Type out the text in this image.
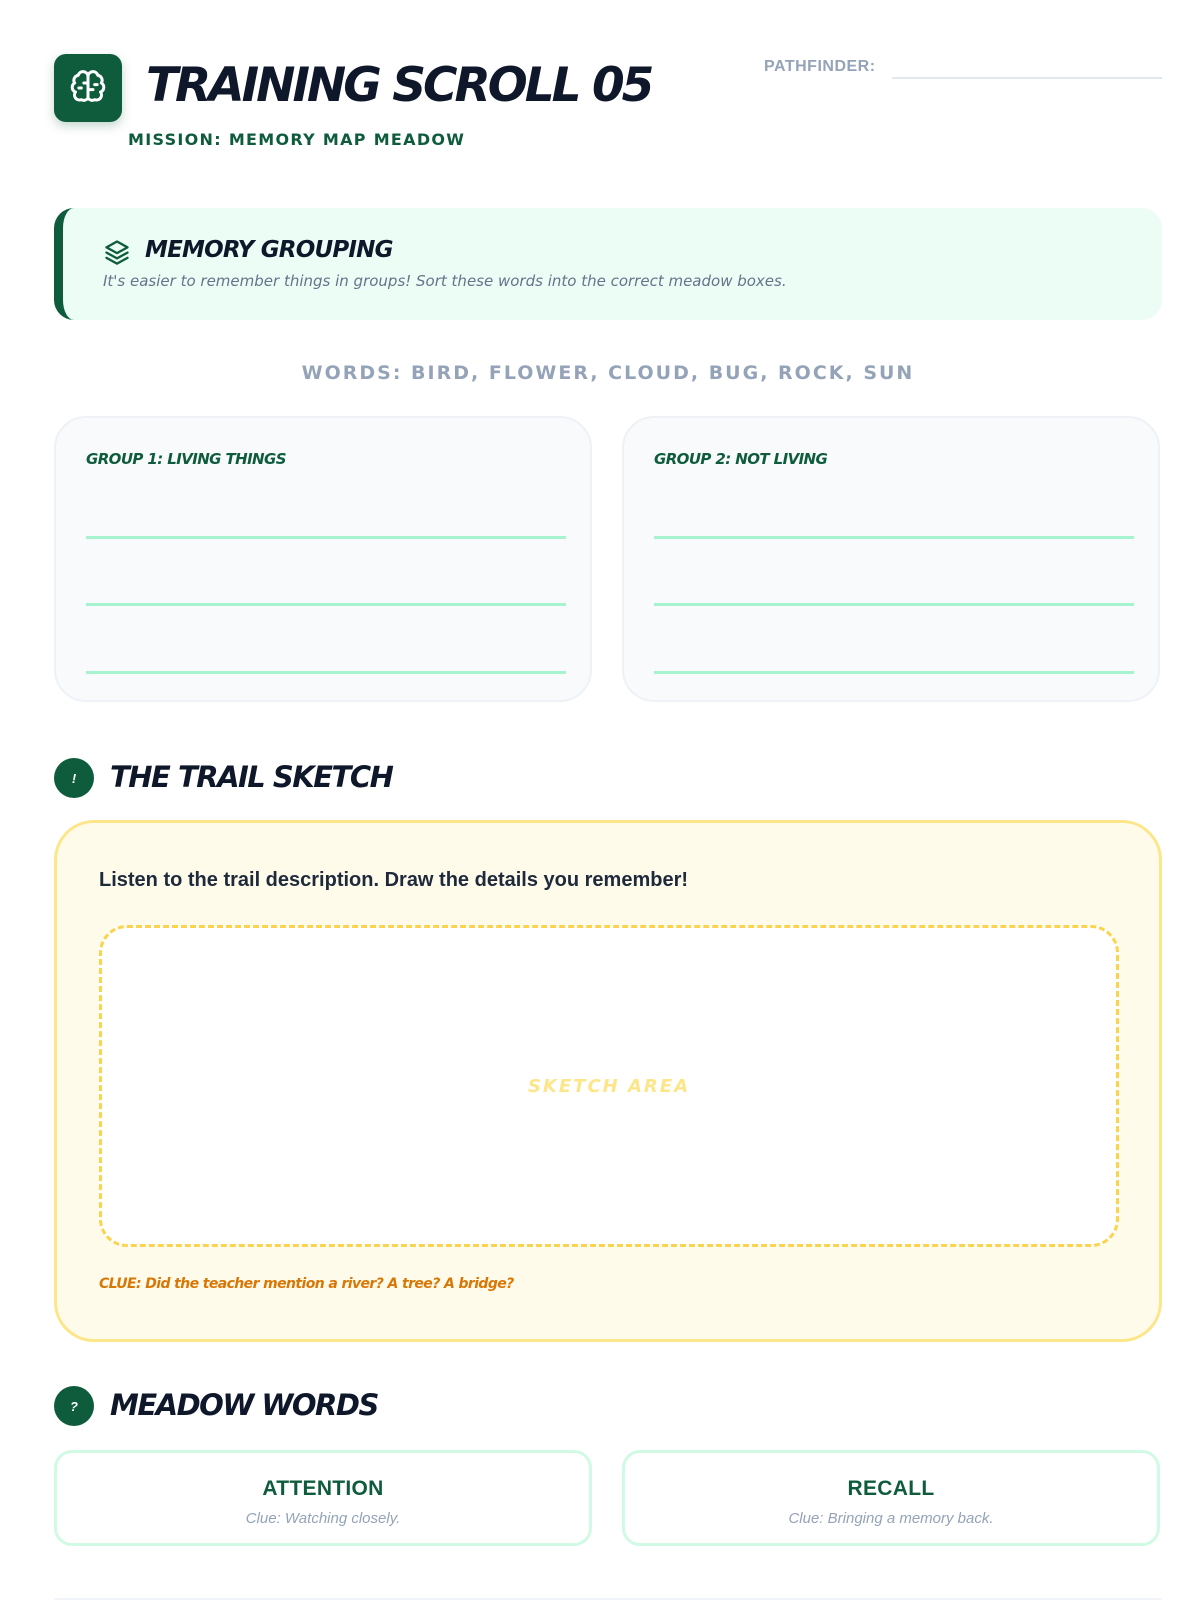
TRAINING SCROLL 05
MISSION: MEMORY MAP MEADOW
PATHFINDER:
MEMORY GROUPING
It's easier to remember things in groups! Sort these words into the correct meadow boxes.
WORDS: BIRD, FLOWER, CLOUD, BUG, ROCK, SUN
GROUP 1: LIVING THINGS	GROUP 2: NOT LIVING
!	THE TRAIL SKETCH
Listen to the trail description. Draw the details you remember!
SKETCH AREA
CLUE: Did the teacher mention a river? A tree? A bridge?
?	MEADOW WORDS
ATTENTION
Clue: Watching closely.
RECALL
Clue: Bringing a memory back.
